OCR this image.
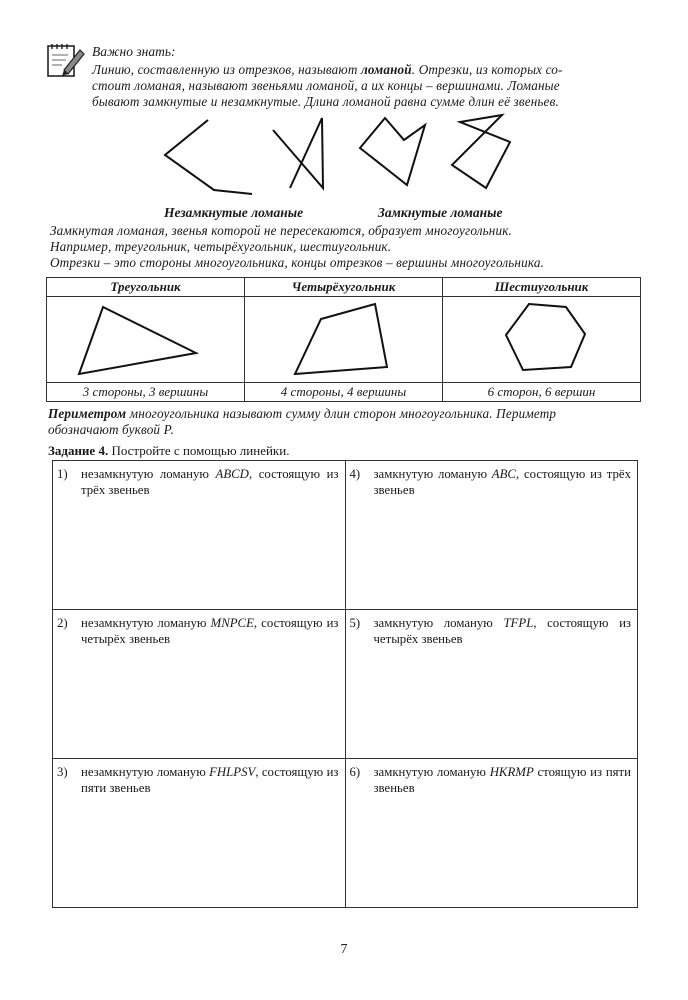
Важно знать:
Линию, составленную из отрезков, называют ломаной. Отрезки, из которых со-
стоит ломаная, называют звеньями ломаной, а их концы – вершинами. Ломаные
бывают замкнутые и незамкнутые. Длина ломаной равна сумме длин её звеньев.
Незамкнутые ломаные	Замкнутые ломаные
Замкнутая ломаная, звенья которой не пересекаются, образует многоугольник.
Например, треугольник, четырёхугольник, шестиугольник.
Отрезки – это стороны многоугольника, концы отрезков – вершины многоугольника.
Треугольник	Четырёхугольник	Шестиугольник

3 стороны, 3 вершины	4 стороны, 4 вершины	6 сторон, 6 вершин
Периметром многоугольника называют сумму длин сторон многоугольника. Периметр
обозначают буквой Р.
Задание 4. Постройте с помощью линейки.
1) незамкнутую ломаную ABCD, состоящую из трёх звеньев	4) замкнутую ломаную ABC, состоящую из трёх звеньев

2) незамкнутую ломаную MNPCE, состоящую из четырёх звеньев	5) замкнутую ломаную TFPL, состоящую из четырёх звеньев

3) незамкнутую ломаную FHLPSV, состоящую из пяти звеньев	6) замкнутую ломаную HKRMP стоящую из пяти звеньев
7
